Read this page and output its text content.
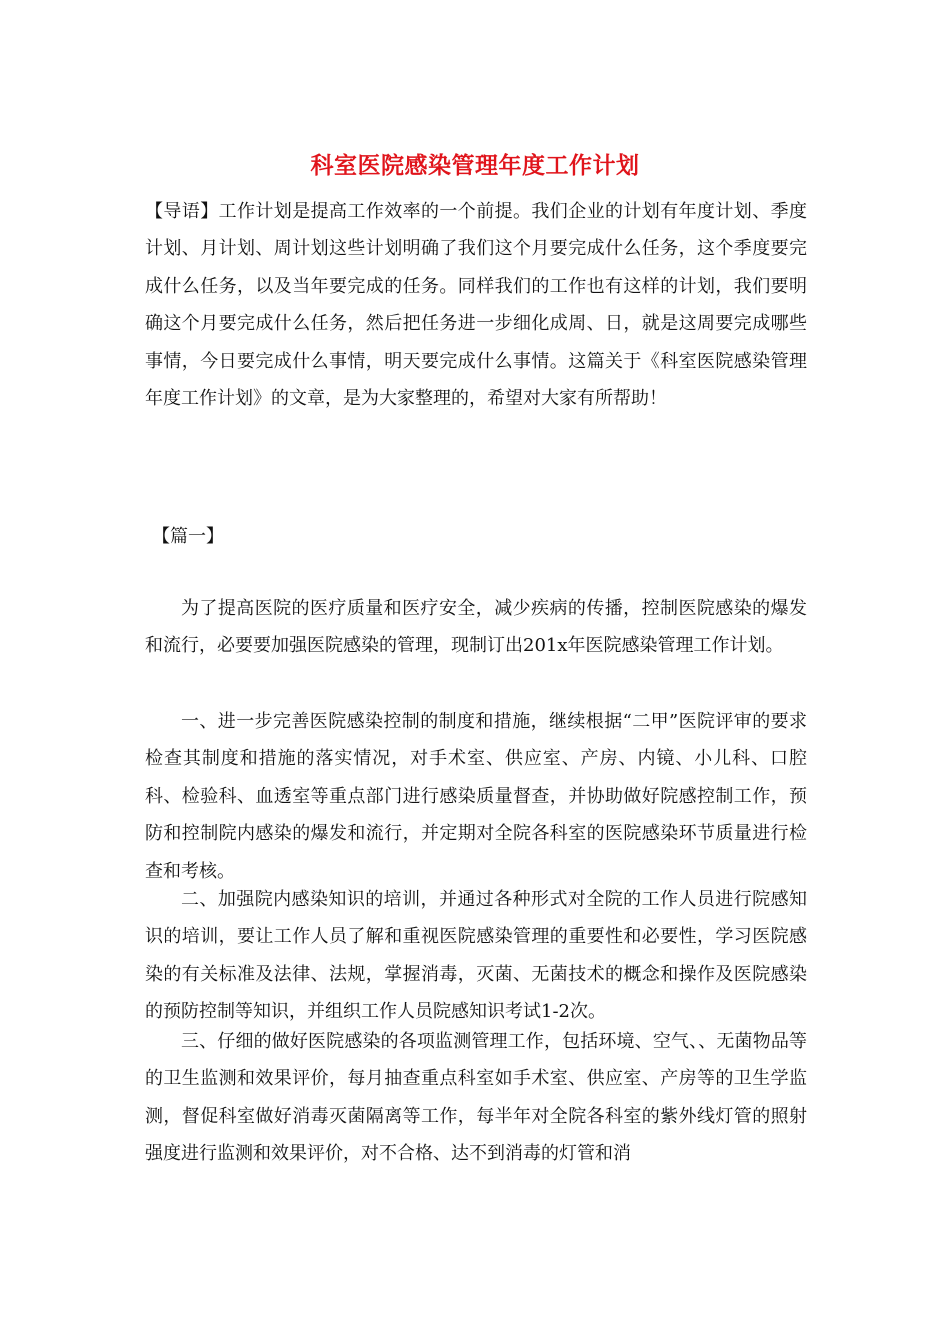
科室医院感染管理年度工作计划

【导语】工作计划是提高工作效率的一个前提。我们企业的计划有年度计划、季度计划、月计划、周计划这些计划明确了我们这个月要完成什么任务，这个季度要完成什么任务，以及当年要完成的任务。同样我们的工作也有这样的计划，我们要明确这个月要完成什么任务，然后把任务进一步细化成周、日，就是这周要完成哪些事情，今日要完成什么事情，明天要完成什么事情。这篇关于《科室医院感染管理年度工作计划》的文章，是为大家整理的，希望对大家有所帮助！

【篇一】

为了提高医院的医疗质量和医疗安全，减少疾病的传播，控制医院感染的爆发和流行，必要要加强医院感染的管理，现制订出201x年医院感染管理工作计划。

一、进一步完善医院感染控制的制度和措施，继续根据“二甲”医院评审的要求检查其制度和措施的落实情况，对手术室、供应室、产房、内镜、小儿科、口腔科、检验科、血透室等重点部门进行感染质量督查，并协助做好院感控制工作，预防和控制院内感染的爆发和流行，并定期对全院各科室的医院感染环节质量进行检查和考核。

二、加强院内感染知识的培训，并通过各种形式对全院的工作人员进行院感知识的培训，要让工作人员了解和重视医院感染管理的重要性和必要性，学习医院感染的有关标准及法律、法规，掌握消毒，灭菌、无菌技术的概念和操作及医院感染的预防控制等知识，并组织工作人员院感知识考试1-2次。

三、仔细的做好医院感染的各项监测管理工作，包括环境、空气、、无菌物品等的卫生监测和效果评价，每月抽查重点科室如手术室、供应室、产房等的卫生学监测，督促科室做好消毒灭菌隔离等工作，每半年对全院各科室的紫外线灯管的照射强度进行监测和效果评价，对不合格、达不到消毒的灯管和消
